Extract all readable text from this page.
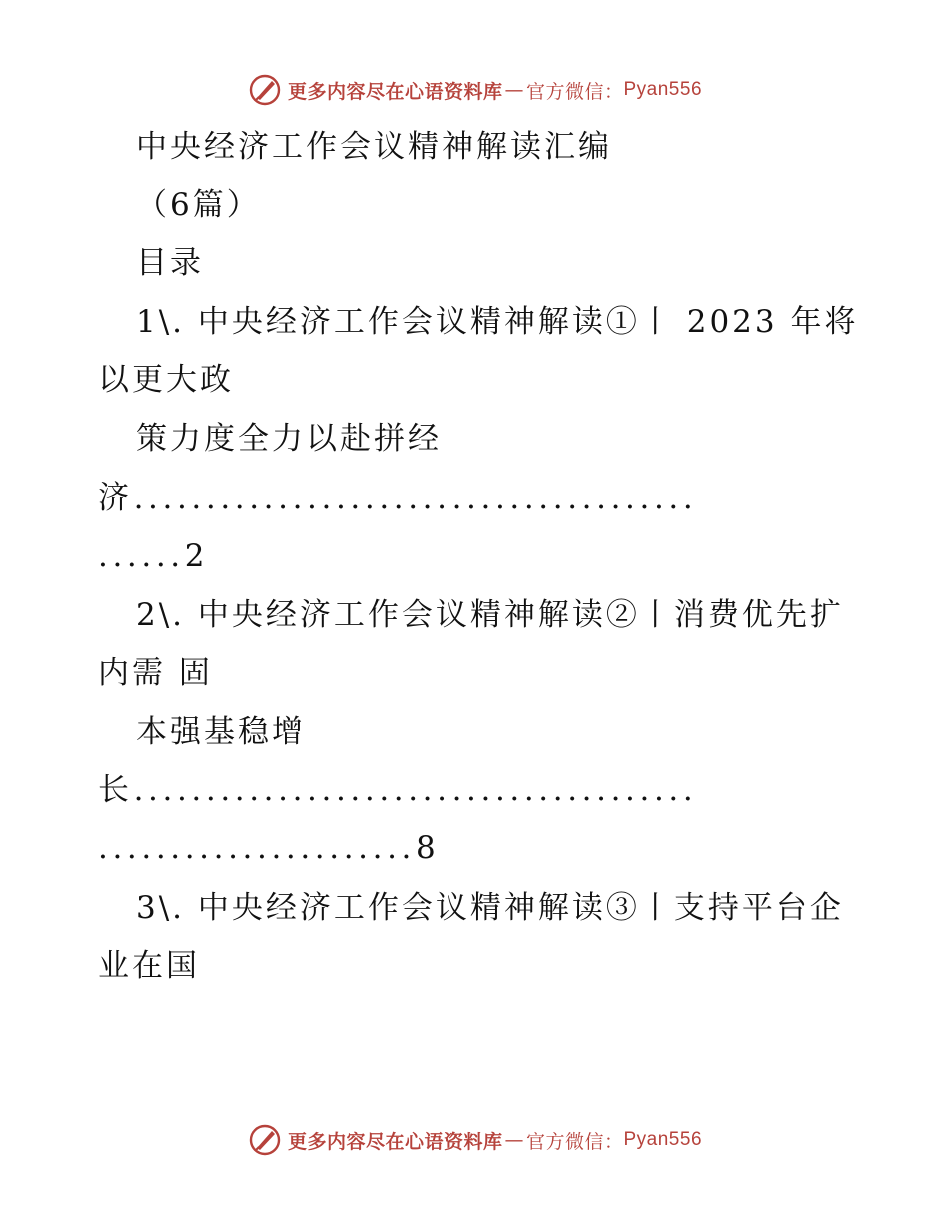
更多内容尽在心语资料库 — 官方微信： Pyan556
中央经济工作会议精神解读汇编
（6篇）
目录
1\. 中央经济工作会议精神解读①丨 2023 年将
以更大政
策力度全力以赴拼经
济.......................................
......2
2\. 中央经济工作会议精神解读②丨消费优先扩
内需 固
本强基稳增
长.......................................
......................8
3\. 中央经济工作会议精神解读③丨支持平台企
业在国
更多内容尽在心语资料库 — 官方微信： Pyan556
